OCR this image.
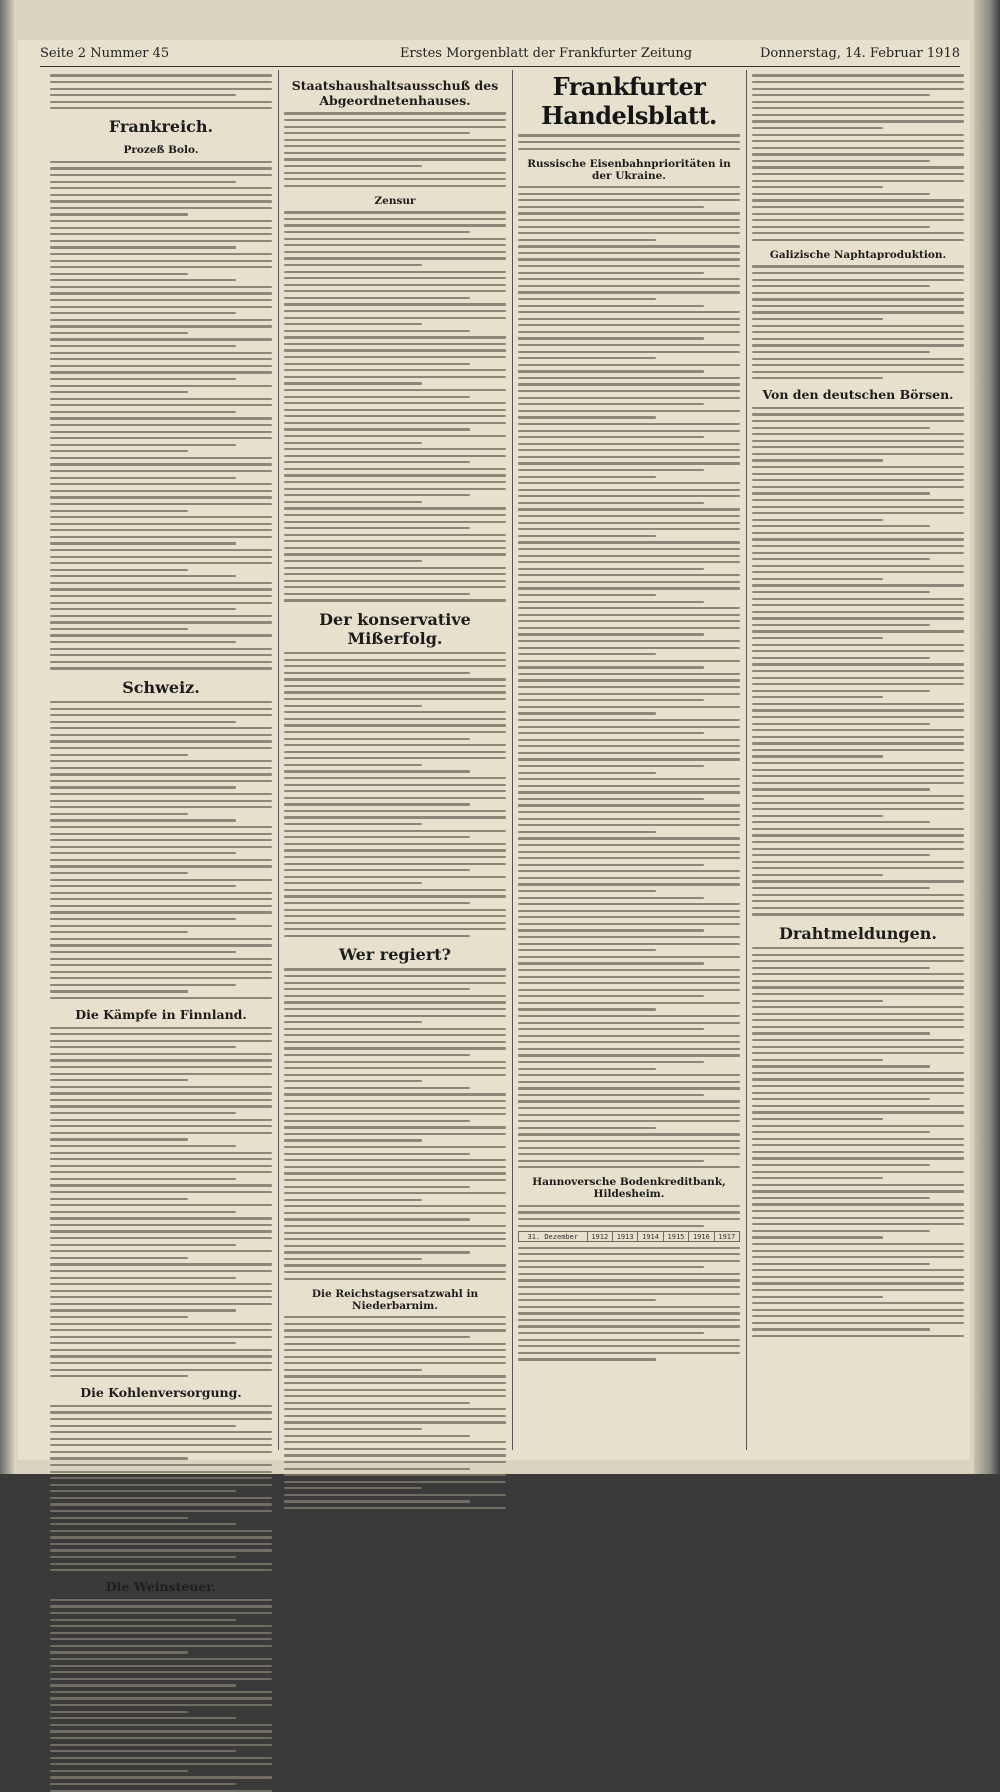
Seite 2 Nummer 45	Erstes Morgenblatt der Frankfurter Zeitung	Donnerstag, 14. Februar 1918
Frankreich.
Prozeß Bolo.
Schweiz.
Die Kämpfe in Finnland.
Die Kohlenversorgung.
Die Weinsteuer.
Staatshaushaltsausschuß des Abgeordnetenhauses.
Zensur
Der konservative Mißerfolg.
Wer regiert?
Die Reichstagsersatzwahl in Niederbarnim.
Frankfurter Handelsblatt.
Russische Eisenbahnprioritäten in der Ukraine.
Hannoversche Bodenkreditbank, Hildesheim.
31. Dezember	1912	1913	1914	1915	1916	1917
Galizische Naphtaproduktion.
Von den deutschen Börsen.
Drahtmeldungen.
